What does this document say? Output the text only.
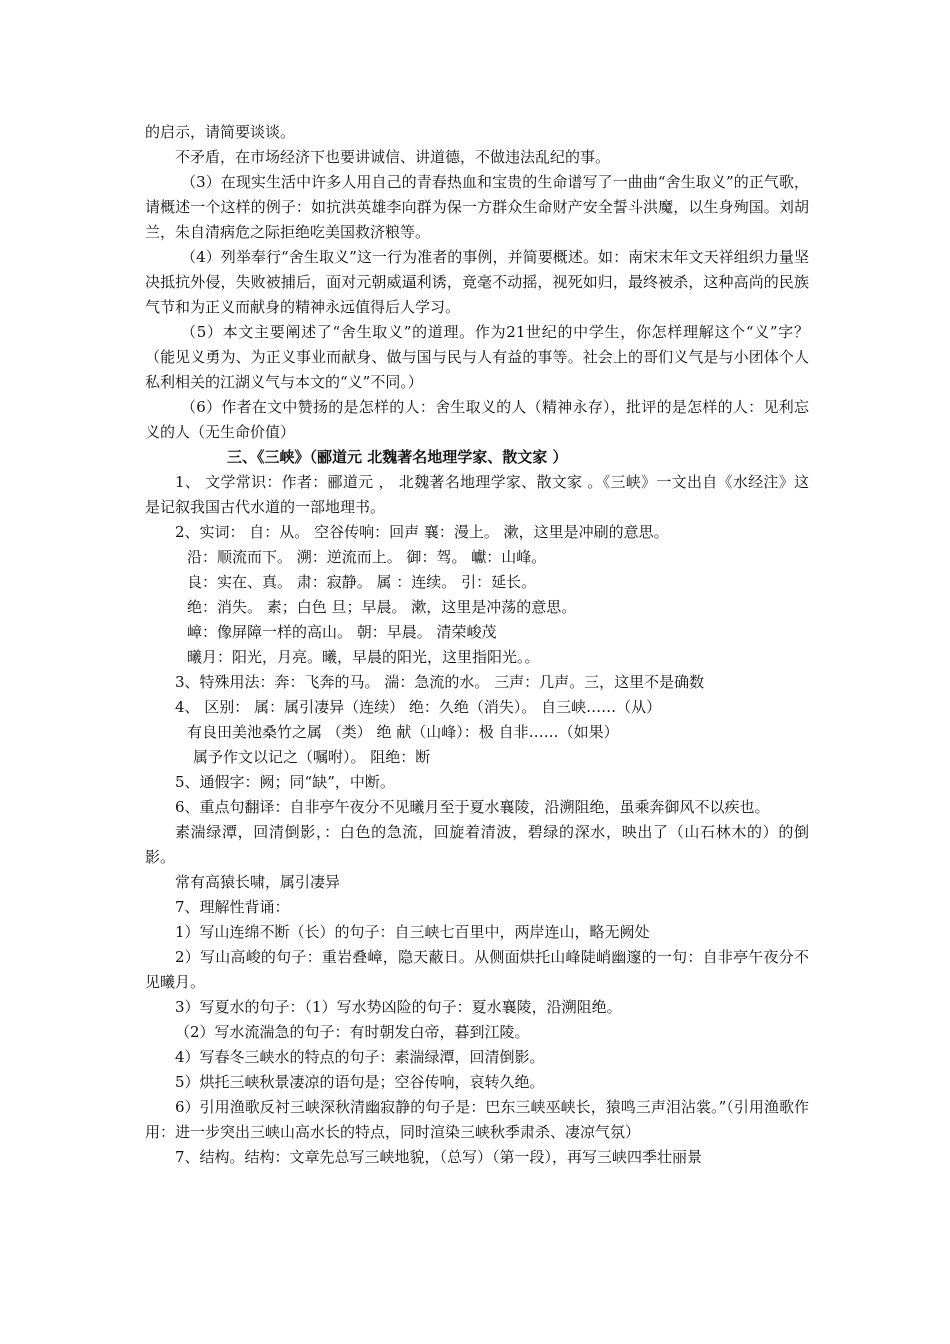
的启示，请简要谈谈。

不矛盾，在市场经济下也要讲诚信、讲道德，不做违法乱纪的事。

（3）在现实生活中许多人用自己的青春热血和宝贵的生命谱写了一曲曲“舍生取义”的正气歌，请概述一个这样的例子：如抗洪英雄李向群为保一方群众生命财产安全誓斗洪魔，以生身殉国。刘胡兰，朱自清病危之际拒绝吃美国救济粮等。

（4）列举奉行“舍生取义”这一行为准者的事例，并简要概述。如：南宋末年文天祥组织力量坚决抵抗外侵，失败被捕后，面对元朝威逼利诱，竟毫不动摇，视死如归，最终被杀，这种高尚的民族气节和为正义而献身的精神永远值得后人学习。

（5）本文主要阐述了“舍生取义”的道理。作为21世纪的中学生，你怎样理解这个“义”字？（能见义勇为、为正义事业而献身、做与国与民与人有益的事等。社会上的哥们义气是与小团体个人私利相关的江湖义气与本文的“义”不同。）

（6）作者在文中赞扬的是怎样的人：舍生取义的人（精神永存），批评的是怎样的人：见利忘义的人（无生命价值）

三、《三峡》（郦道元 北魏著名地理学家、散文家 ）

1、 文学常识：作者：郦道元 ， 北魏著名地理学家、散文家 。《三峡》一文出自《水经注》这是记叙我国古代水道的一部地理书。

2、实词： 自：从。 空谷传响：回声 襄：漫上。 漱，这里是冲刷的意思。

沿：顺流而下。 溯：逆流而上。 御：驾。 巘：山峰。

良：实在、真。 肃：寂静。 属 ：连续。 引：延长。

绝：消失。 素；白色 旦；早晨。 漱，这里是冲荡的意思。

嶂：像屏障一样的高山。 朝：早晨。 清荣峻茂

曦月：阳光，月亮。曦，早晨的阳光，这里指阳光。。

3、特殊用法：奔：飞奔的马。 湍：急流的水。 三声：几声。三，这里不是确数

4、 区别： 属：属引凄异（连续） 绝：久绝（消失）。 自三峡……（从）

有良田美池桑竹之属 （类） 绝 献（山峰）：极 自非……（如果）

属予作文以记之（嘱咐）。 阻绝：断

5、通假字：阙；同“缺”，中断。

6、重点句翻译：自非亭午夜分不见曦月至于夏水襄陵，沿溯阻绝，虽乘奔御风不以疾也。

素湍绿潭，回清倒影，：白色的急流，回旋着清波，碧绿的深水，映出了（山石林木的）的倒影。

常有高猿长啸，属引凄异

7、理解性背诵：

1）写山连绵不断（长）的句子：自三峡七百里中，两岸连山，略无阙处

2）写山高峻的句子：重岩叠嶂，隐天蔽日。从侧面烘托山峰陡峭幽邃的一句：自非亭午夜分不见曦月。

3）写夏水的句子：（1）写水势凶险的句子：夏水襄陵，沿溯阻绝。

（2）写水流湍急的句子：有时朝发白帝，暮到江陵。

4）写春冬三峡水的特点的句子：素湍绿潭，回清倒影。

5）烘托三峡秋景凄凉的语句是；空谷传响，哀转久绝。

6）引用渔歌反衬三峡深秋清幽寂静的句子是：巴东三峡巫峡长，猿鸣三声泪沾裳。”（引用渔歌作用：进一步突出三峡山高水长的特点，同时渲染三峡秋季肃杀、凄凉气氛）

7、结构。结构：文章先总写三峡地貌，（总写）（第一段），再写三峡四季壮丽景
